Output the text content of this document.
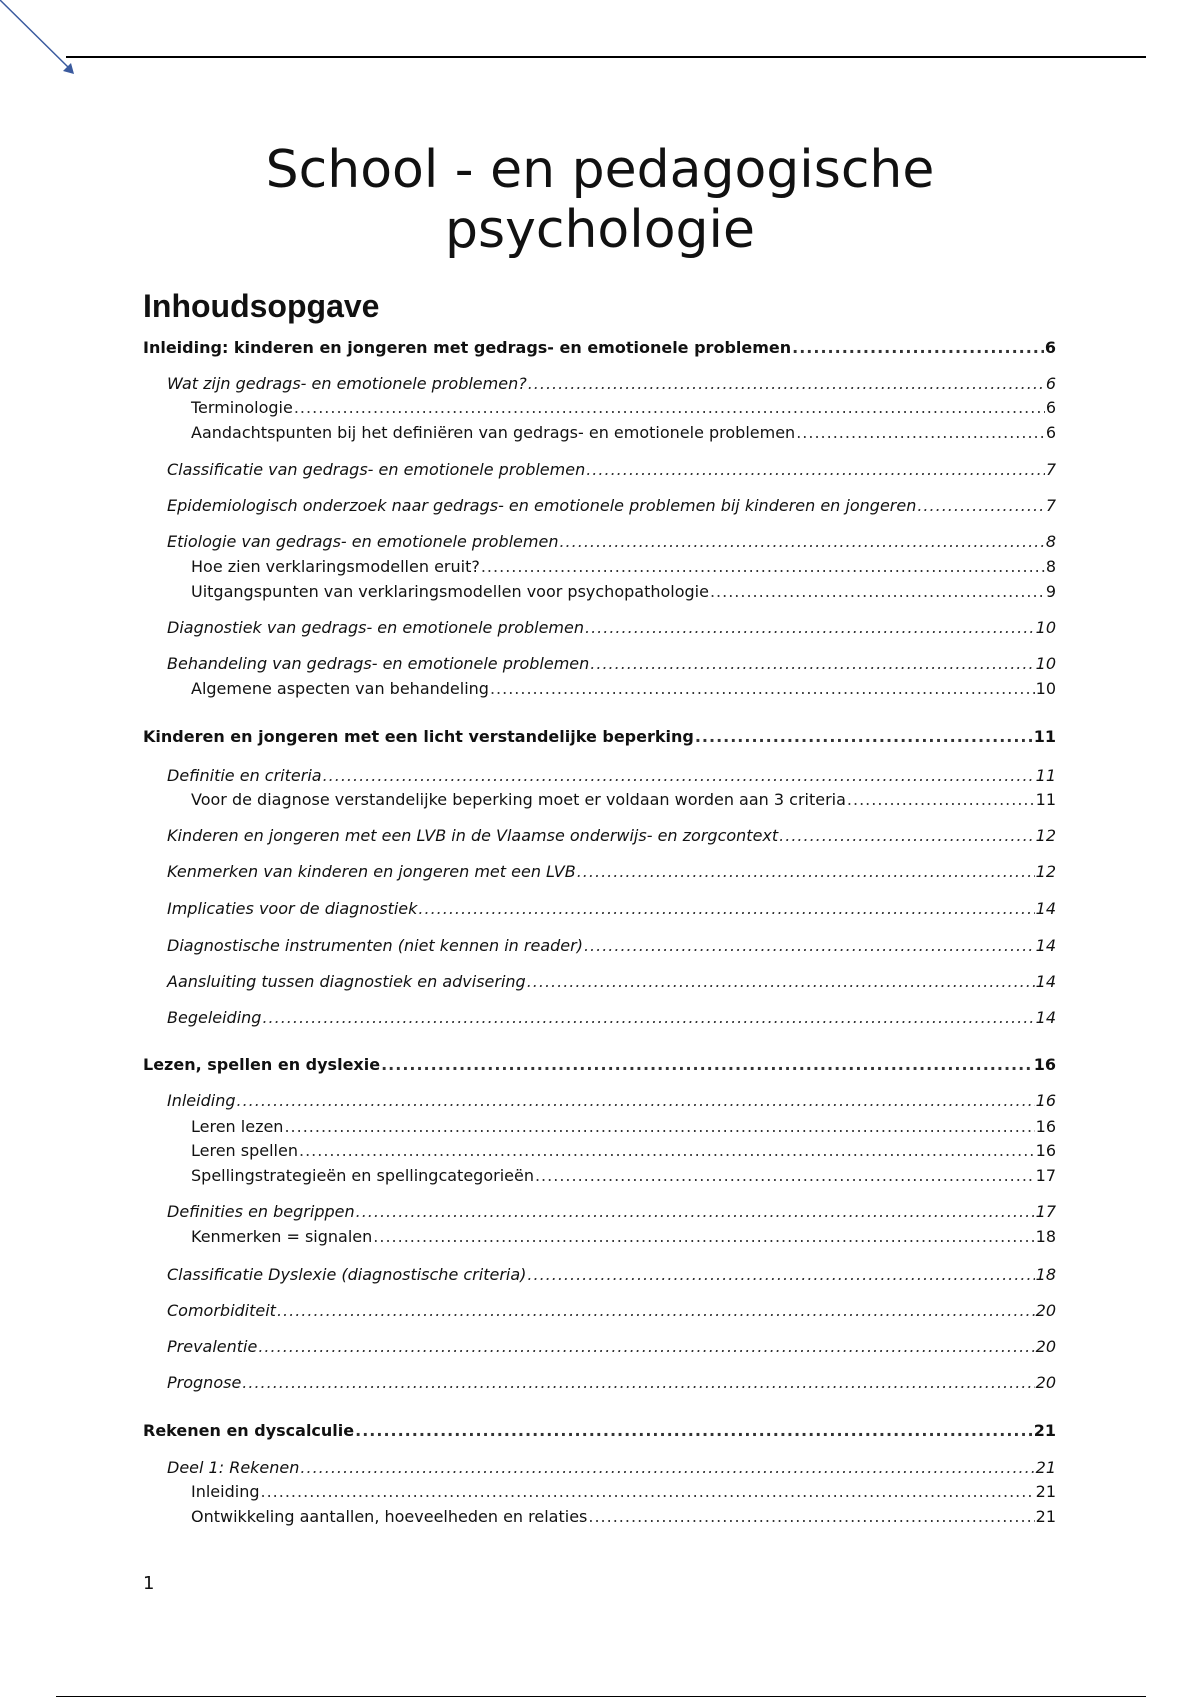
School - en pedagogische
psychologie
Inhoudsopgave
Inleiding: kinderen en jongeren met gedrags- en emotionele problemen .....	6
Wat zijn gedrags- en emotionele problemen? .....	6
Terminologie .....	6
Aandachtspunten bij het definiëren van gedrags- en emotionele problemen .....	6
Classificatie van gedrags- en emotionele problemen .....	7
Epidemiologisch onderzoek naar gedrags- en emotionele problemen bij kinderen en jongeren .....	7
Etiologie van gedrags- en emotionele problemen .....	8
Hoe zien verklaringsmodellen eruit? .....	8
Uitgangspunten van verklaringsmodellen voor psychopathologie .....	9
Diagnostiek van gedrags- en emotionele problemen .....	10
Behandeling van gedrags- en emotionele problemen .....	10
Algemene aspecten van behandeling .....	10
Kinderen en jongeren met een licht verstandelijke beperking .....	11
Definitie en criteria .....	11
Voor de diagnose verstandelijke beperking moet er voldaan worden aan 3 criteria .....	11
Kinderen en jongeren met een LVB in de Vlaamse onderwijs- en zorgcontext .....	12
Kenmerken van kinderen en jongeren met een LVB .....	12
Implicaties voor de diagnostiek .....	14
Diagnostische instrumenten (niet kennen in reader) .....	14
Aansluiting tussen diagnostiek en advisering .....	14
Begeleiding .....	14
Lezen, spellen en dyslexie .....	16
Inleiding .....	16
Leren lezen .....	16
Leren spellen .....	16
Spellingstrategieën en spellingcategorieën .....	17
Definities en begrippen .....	17
Kenmerken = signalen .....	18
Classificatie Dyslexie (diagnostische criteria) .....	18
Comorbiditeit .....	20
Prevalentie .....	20
Prognose .....	20
Rekenen en dyscalculie .....	21
Deel 1: Rekenen .....	21
Inleiding .....	21
Ontwikkeling aantallen, hoeveelheden en relaties .....	21
1
